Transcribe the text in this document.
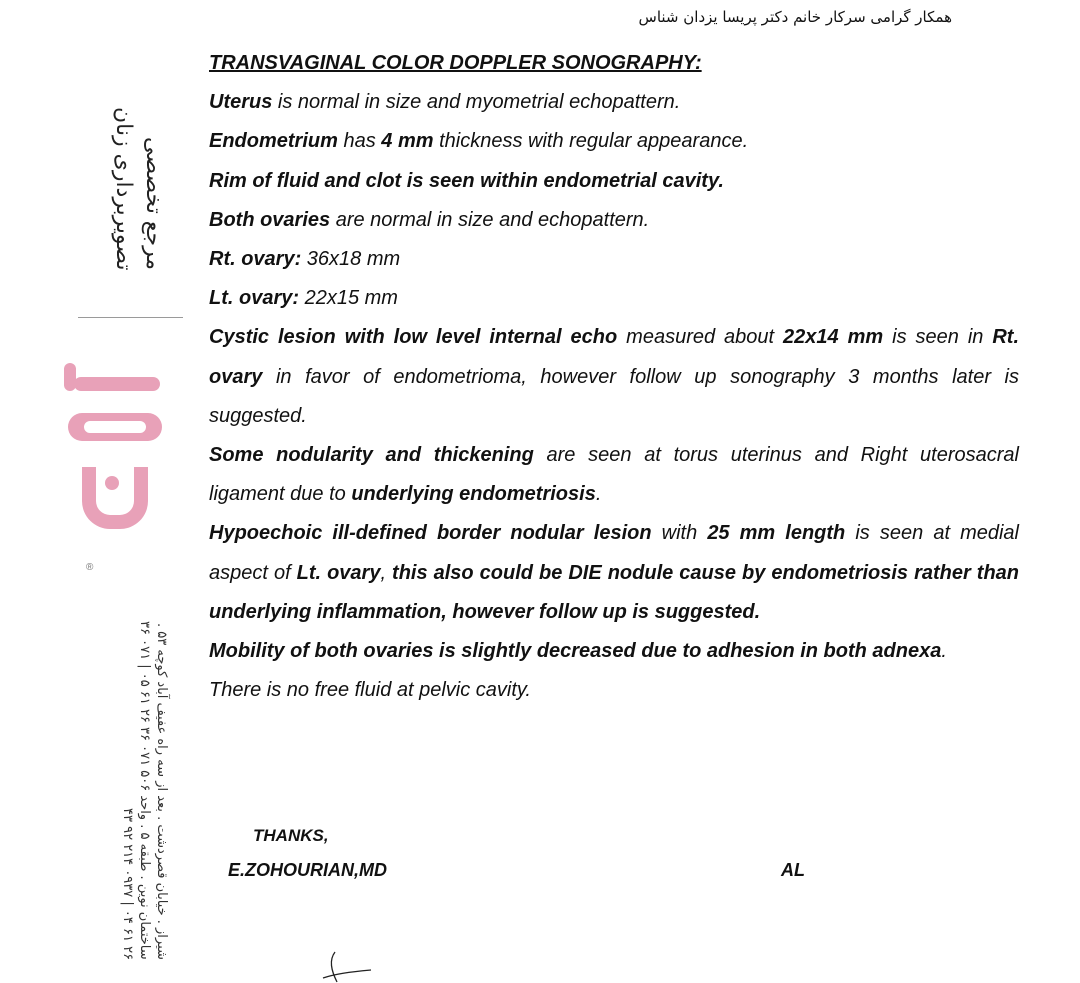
مرجع تخصصی تصویربرداری زنان
®
شیراز . خیابان قصردشت . بعد از سه راه عفیف آباد کوچه ۵۳ . ساختمان نوین . طبقه ۵ . واحد ۵۰۶ ۰۷۱ ۳۶ ۲۶ ۶۱ ۰۵ | ۰۷۱ ۳۶ ۲۶ ۶۱ ۰۴ | ۰۹۳۷ ۲۱۴ ۹۲ ۴۳
همکار گرامی سرکار خانم دکتر پریسا یزدان شناس

TRANSVAGINAL COLOR DOPPLER SONOGRAPHY:

Uterus is normal in size and myometrial echopattern.

Endometrium has 4 mm thickness with regular appearance.

Rim of fluid and clot is seen within endometrial cavity.

Both ovaries are normal in size and echopattern.

Rt. ovary: 36x18 mm

Lt. ovary: 22x15 mm

Cystic lesion with low level internal echo measured about 22x14 mm is seen in Rt. ovary in favor of endometrioma, however follow up sonography 3 months later is suggested.

Some nodularity and thickening are seen at torus uterinus and Right uterosacral ligament due to underlying endometriosis.

Hypoechoic ill-defined border nodular lesion with 25 mm length is seen at medial aspect of Lt. ovary, this also could be DIE nodule cause by endometriosis rather than underlying inflammation, however follow up is suggested.

Mobility of both ovaries is slightly decreased due to adhesion in both adnexa.

There is no free fluid at pelvic cavity.

THANKS,
E.ZOHOURIAN,MD	AL
